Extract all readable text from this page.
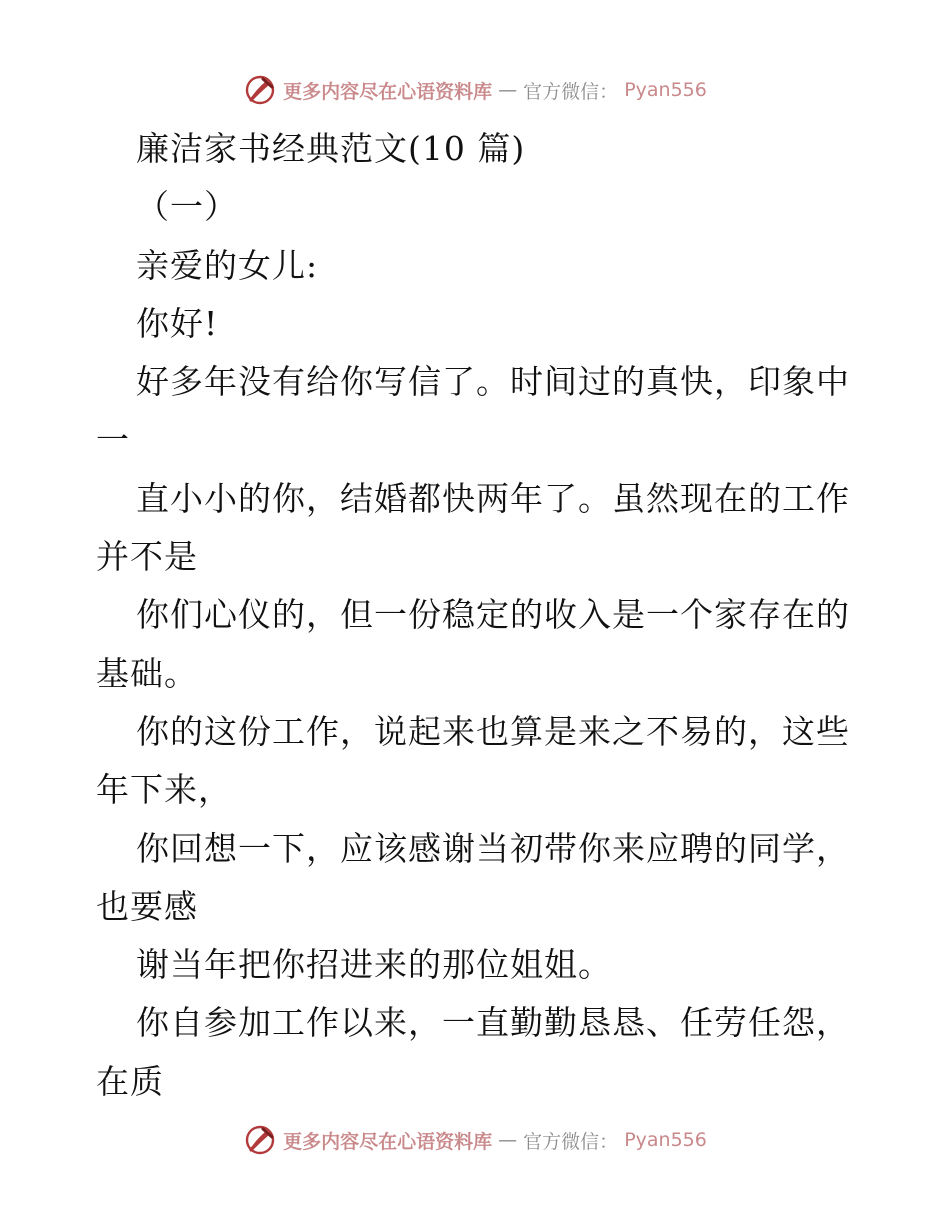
更多内容尽在心语资料库 — 官方微信： Pyan556
廉洁家书经典范文(10 篇)
（一）
亲爱的女儿:
你好!
好多年没有给你写信了。时间过的真快，印象中
一
直小小的你，结婚都快两年了。虽然现在的工作
并不是
你们心仪的，但一份稳定的收入是一个家存在的
基础。
你的这份工作，说起来也算是来之不易的，这些
年下来，
你回想一下，应该感谢当初带你来应聘的同学，
也要感
谢当年把你招进来的那位姐姐。
你自参加工作以来，一直勤勤恳恳、任劳任怨，
在质
更多内容尽在心语资料库 — 官方微信： Pyan556
